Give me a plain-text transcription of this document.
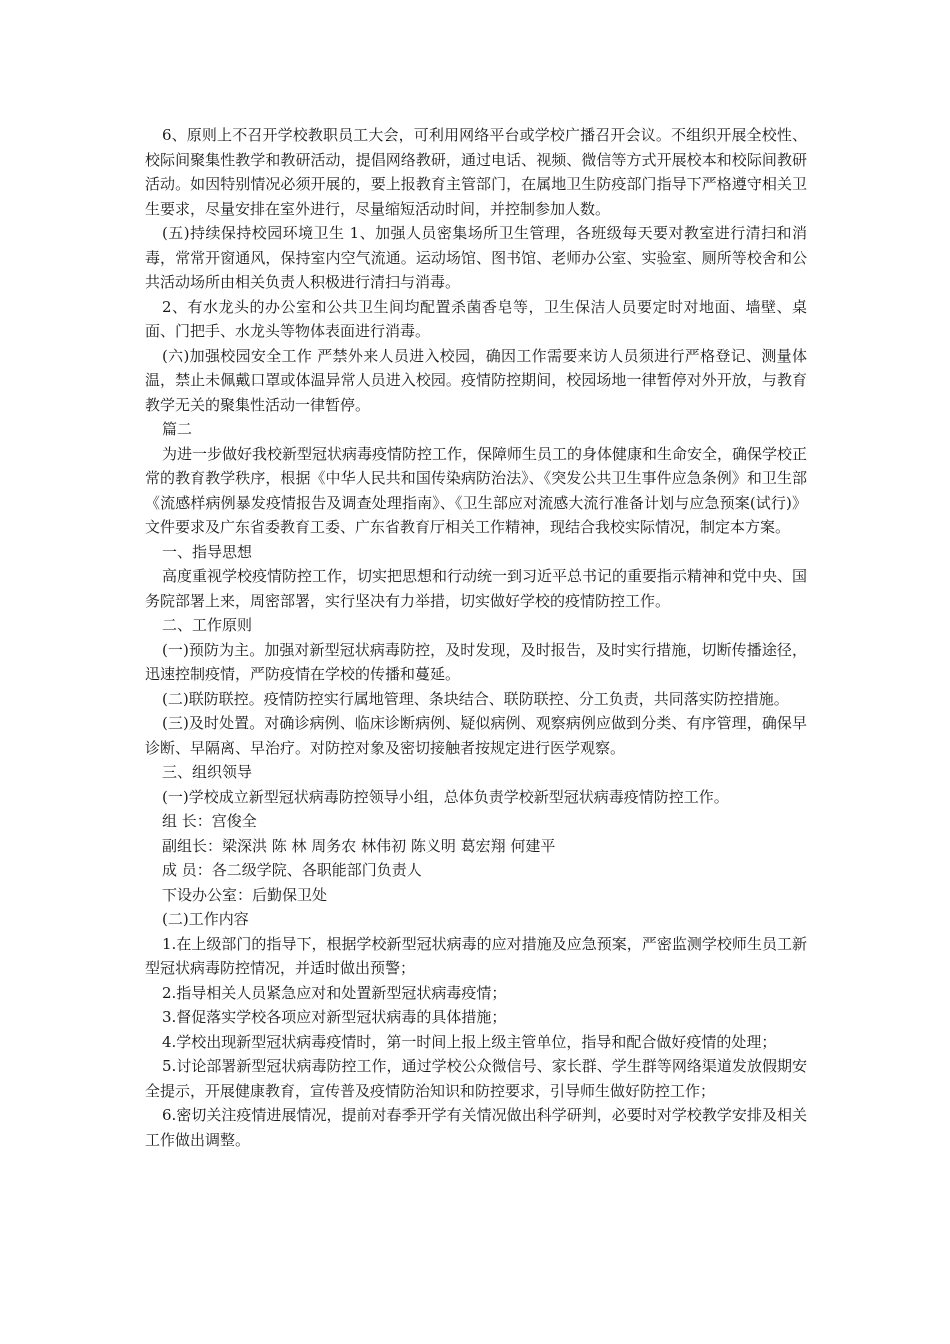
6、原则上不召开学校教职员工大会，可利用网络平台或学校广播召开会议。不组织开展全校性、校际间聚集性教学和教研活动，提倡网络教研，通过电话、视频、微信等方式开展校本和校际间教研活动。如因特别情况必须开展的，要上报教育主管部门，在属地卫生防疫部门指导下严格遵守相关卫生要求，尽量安排在室外进行，尽量缩短活动时间，并控制参加人数。

(五)持续保持校园环境卫生 1、加强人员密集场所卫生管理，各班级每天要对教室进行清扫和消毒，常常开窗通风，保持室内空气流通。运动场馆、图书馆、老师办公室、实验室、厕所等校舍和公共活动场所由相关负责人积极进行清扫与消毒。

2、有水龙头的办公室和公共卫生间均配置杀菌香皂等，卫生保洁人员要定时对地面、墙壁、桌面、门把手、水龙头等物体表面进行消毒。

(六)加强校园安全工作 严禁外来人员进入校园，确因工作需要来访人员须进行严格登记、测量体温，禁止未佩戴口罩或体温异常人员进入校园。疫情防控期间，校园场地一律暂停对外开放，与教育教学无关的聚集性活动一律暂停。

篇二

为进一步做好我校新型冠状病毒疫情防控工作，保障师生员工的身体健康和生命安全，确保学校正常的教育教学秩序，根据《中华人民共和国传染病防治法》、《突发公共卫生事件应急条例》和卫生部《流感样病例暴发疫情报告及调查处理指南》、《卫生部应对流感大流行准备计划与应急预案(试行)》文件要求及广东省委教育工委、广东省教育厅相关工作精神，现结合我校实际情况，制定本方案。

一、指导思想

高度重视学校疫情防控工作，切实把思想和行动统一到习近平总书记的重要指示精神和党中央、国务院部署上来，周密部署，实行坚决有力举措，切实做好学校的疫情防控工作。

二、工作原则

(一)预防为主。加强对新型冠状病毒防控，及时发现，及时报告，及时实行措施，切断传播途径，迅速控制疫情，严防疫情在学校的传播和蔓延。

(二)联防联控。疫情防控实行属地管理、条块结合、联防联控、分工负责，共同落实防控措施。

(三)及时处置。对确诊病例、临床诊断病例、疑似病例、观察病例应做到分类、有序管理，确保早诊断、早隔离、早治疗。对防控对象及密切接触者按规定进行医学观察。

三、组织领导

(一)学校成立新型冠状病毒防控领导小组，总体负责学校新型冠状病毒疫情防控工作。

组 长：宫俊全

副组长：梁深洪 陈 林 周务农 林伟初 陈义明 葛宏翔 何建平

成 员：各二级学院、各职能部门负责人

下设办公室：后勤保卫处

(二)工作内容

1.在上级部门的指导下，根据学校新型冠状病毒的应对措施及应急预案，严密监测学校师生员工新型冠状病毒防控情况，并适时做出预警；

2.指导相关人员紧急应对和处置新型冠状病毒疫情；

3.督促落实学校各项应对新型冠状病毒的具体措施；

4.学校出现新型冠状病毒疫情时，第一时间上报上级主管单位，指导和配合做好疫情的处理；

5.讨论部署新型冠状病毒防控工作，通过学校公众微信号、家长群、学生群等网络渠道发放假期安全提示，开展健康教育，宣传普及疫情防治知识和防控要求，引导师生做好防控工作；

6.密切关注疫情进展情况，提前对春季开学有关情况做出科学研判，必要时对学校教学安排及相关工作做出调整。
